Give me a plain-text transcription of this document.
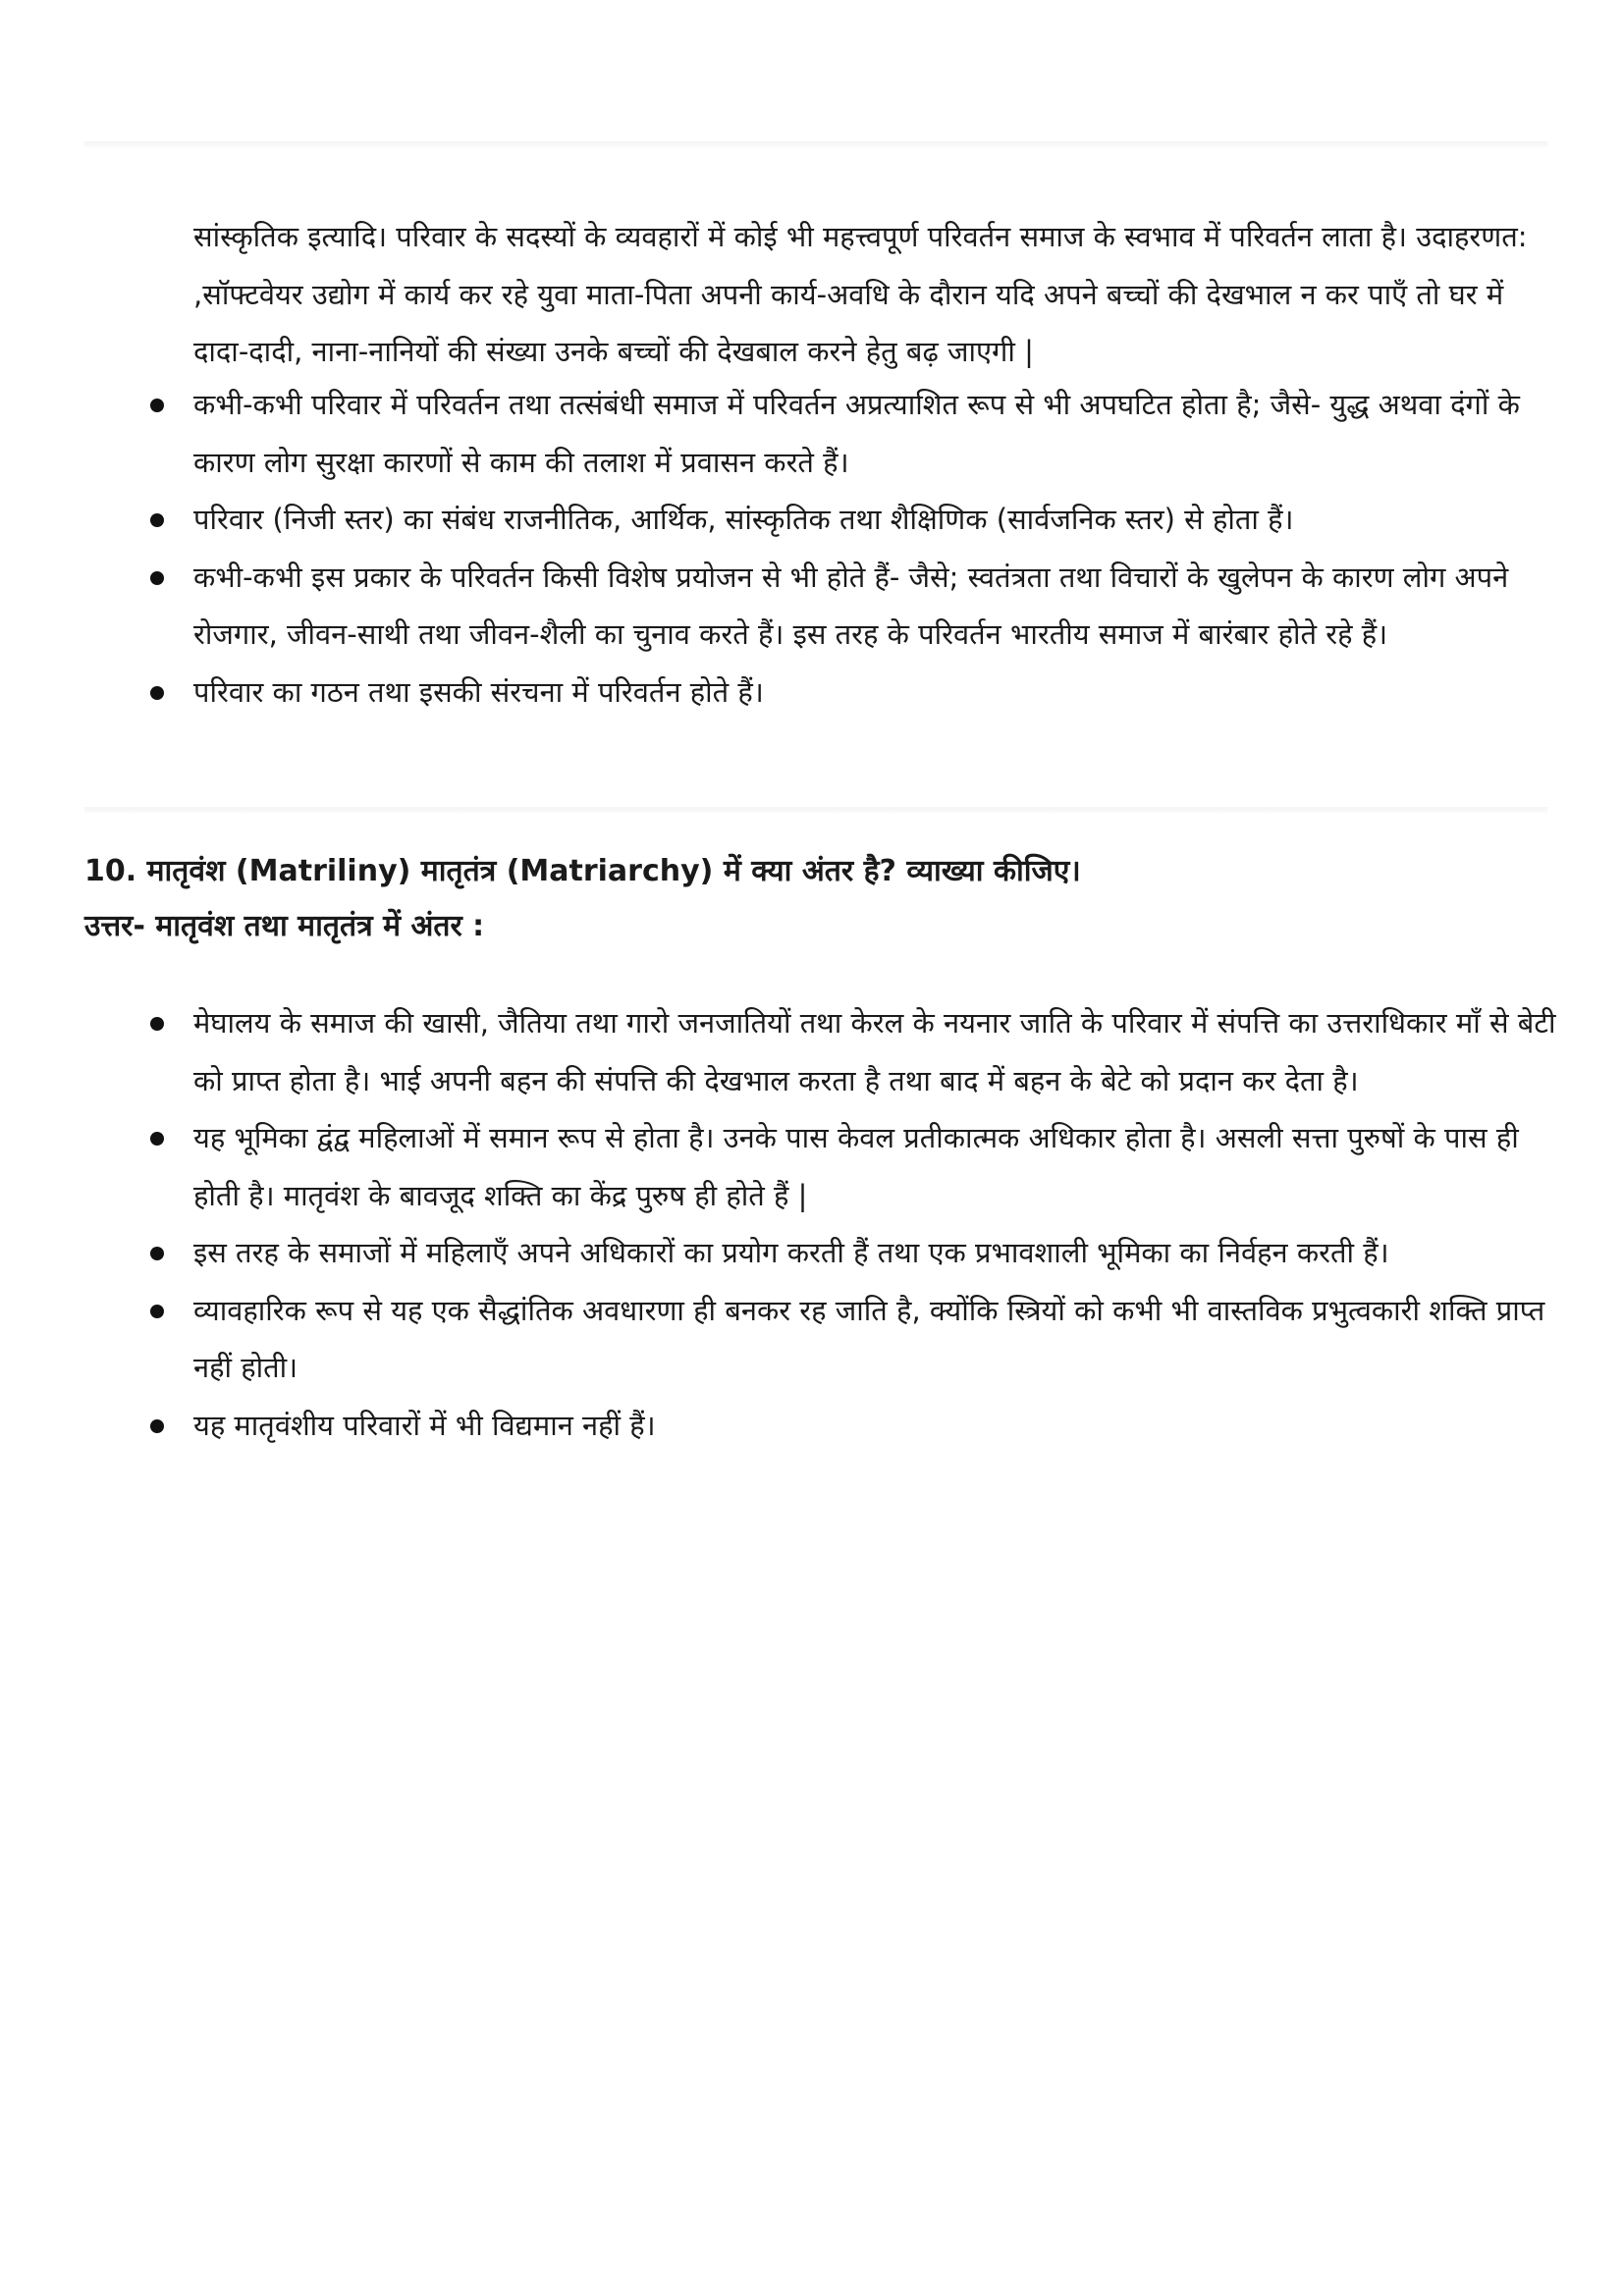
सांस्कृतिक इत्यादि। परिवार के सदस्यों के व्यवहारों में कोई भी महत्त्वपूर्ण परिवर्तन समाज के स्वभाव में परिवर्तन लाता है। उदाहरणत: ,सॉफ्टवेयर उद्योग में कार्य कर रहे युवा माता-पिता अपनी कार्य-अवधि के दौरान यदि अपने बच्चों की देखभाल न कर पाएँ तो घर में दादा-दादी, नाना-नानियों की संख्या उनके बच्चों की देखबाल करने हेतु बढ़ जाएगी |

कभी-कभी परिवार में परिवर्तन तथा तत्संबंधी समाज में परिवर्तन अप्रत्याशित रूप से भी अपघटित होता है; जैसे- युद्ध अथवा दंगों के कारण लोग सुरक्षा कारणों से काम की तलाश में प्रवासन करते हैं।
परिवार (निजी स्तर) का संबंध राजनीतिक, आर्थिक, सांस्कृतिक तथा शैक्षिणिक (सार्वजनिक स्तर) से होता हैं।
कभी-कभी इस प्रकार के परिवर्तन किसी विशेष प्रयोजन से भी होते हैं- जैसे; स्वतंत्रता तथा विचारों के खुलेपन के कारण लोग अपने रोजगार, जीवन-साथी तथा जीवन-शैली का चुनाव करते हैं। इस तरह के परिवर्तन भारतीय समाज में बारंबार होते रहे हैं।
परिवार का गठन तथा इसकी संरचना में परिवर्तन होते हैं।
10. मातृवंश (Matriliny) मातृतंत्र (Matriarchy) में क्या अंतर है? व्याख्या कीजिए।
उत्तर- मातृवंश तथा मातृतंत्र में अंतर :
मेघालय के समाज की खासी, जैतिया तथा गारो जनजातियों तथा केरल के नयनार जाति के परिवार में संपत्ति का उत्तराधिकार माँ से बेटी को प्राप्त होता है। भाई अपनी बहन की संपत्ति की देखभाल करता है तथा बाद में बहन के बेटे को प्रदान कर देता है।
यह भूमिका द्वंद्व महिलाओं में समान रूप से होता है। उनके पास केवल प्रतीकात्मक अधिकार होता है। असली सत्ता पुरुषों के पास ही होती है। मातृवंश के बावजूद शक्ति का केंद्र पुरुष ही होते हैं |
इस तरह के समाजों में महिलाएँ अपने अधिकारों का प्रयोग करती हैं तथा एक प्रभावशाली भूमिका का निर्वहन करती हैं।
व्यावहारिक रूप से यह एक सैद्धांतिक अवधारणा ही बनकर रह जाति है, क्योंकि स्त्रियों को कभी भी वास्तविक प्रभुत्वकारी शक्ति प्राप्त नहीं होती।
यह मातृवंशीय परिवारों में भी विद्यमान नहीं हैं।
